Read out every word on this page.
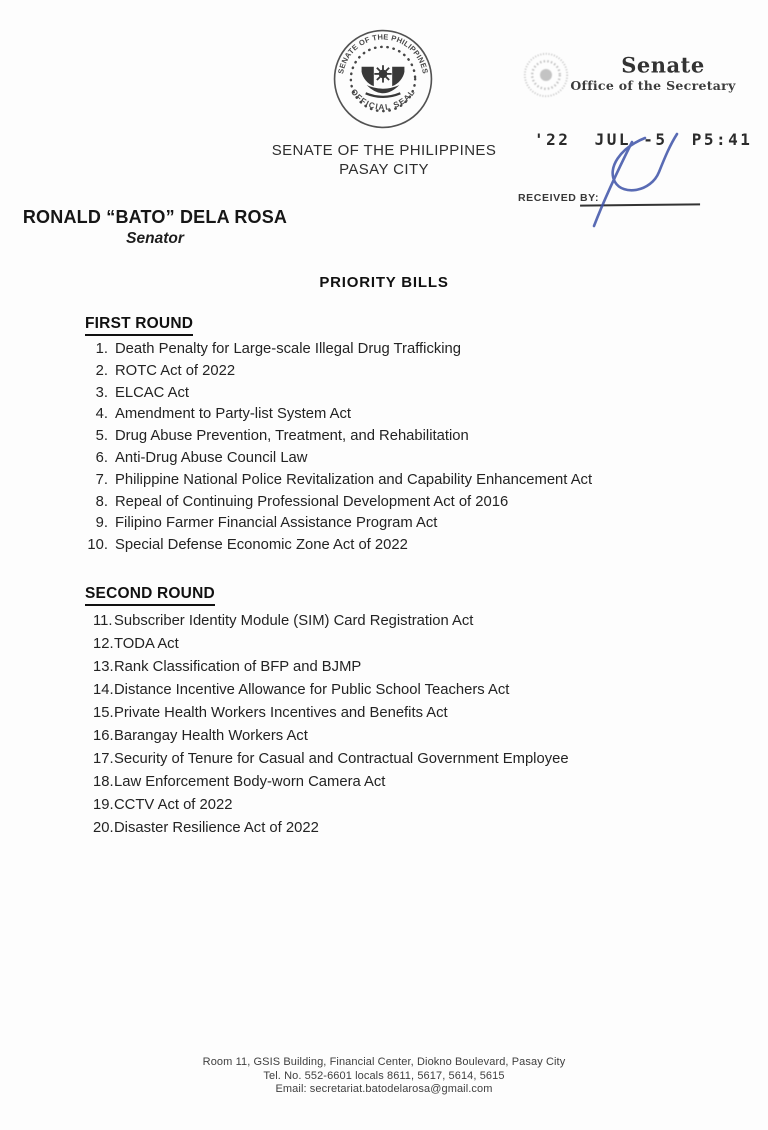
SENATE OF THE PHILIPPINES
OFFICIAL SEAL
SENATE OF THE PHILIPPINES
PASAY CITY
Senate
Office of the Secretary
'22  JUL -5  P5:41
RECEIVED BY:
RONALD “BATO” DELA ROSA
Senator
PRIORITY BILLS
FIRST ROUND
1. Death Penalty for Large-scale Illegal Drug Trafficking
2. ROTC Act of 2022
3. ELCAC Act
4. Amendment to Party-list System Act
5. Drug Abuse Prevention, Treatment, and Rehabilitation
6. Anti-Drug Abuse Council Law
7. Philippine National Police Revitalization and Capability Enhancement Act
8. Repeal of Continuing Professional Development Act of 2016
9. Filipino Farmer Financial Assistance Program Act
10. Special Defense Economic Zone Act of 2022
SECOND ROUND
11. Subscriber Identity Module (SIM) Card Registration Act
12. TODA Act
13. Rank Classification of BFP and BJMP
14. Distance Incentive Allowance for Public School Teachers Act
15. Private Health Workers Incentives and Benefits Act
16. Barangay Health Workers Act
17. Security of Tenure for Casual and Contractual Government Employee
18. Law Enforcement Body-worn Camera Act
19. CCTV Act of 2022
20. Disaster Resilience Act of 2022
Room 11, GSIS Building, Financial Center, Diokno Boulevard, Pasay City
Tel. No. 552-6601 locals 8611, 5617, 5614, 5615
Email: secretariat.batodelarosa@gmail.com
